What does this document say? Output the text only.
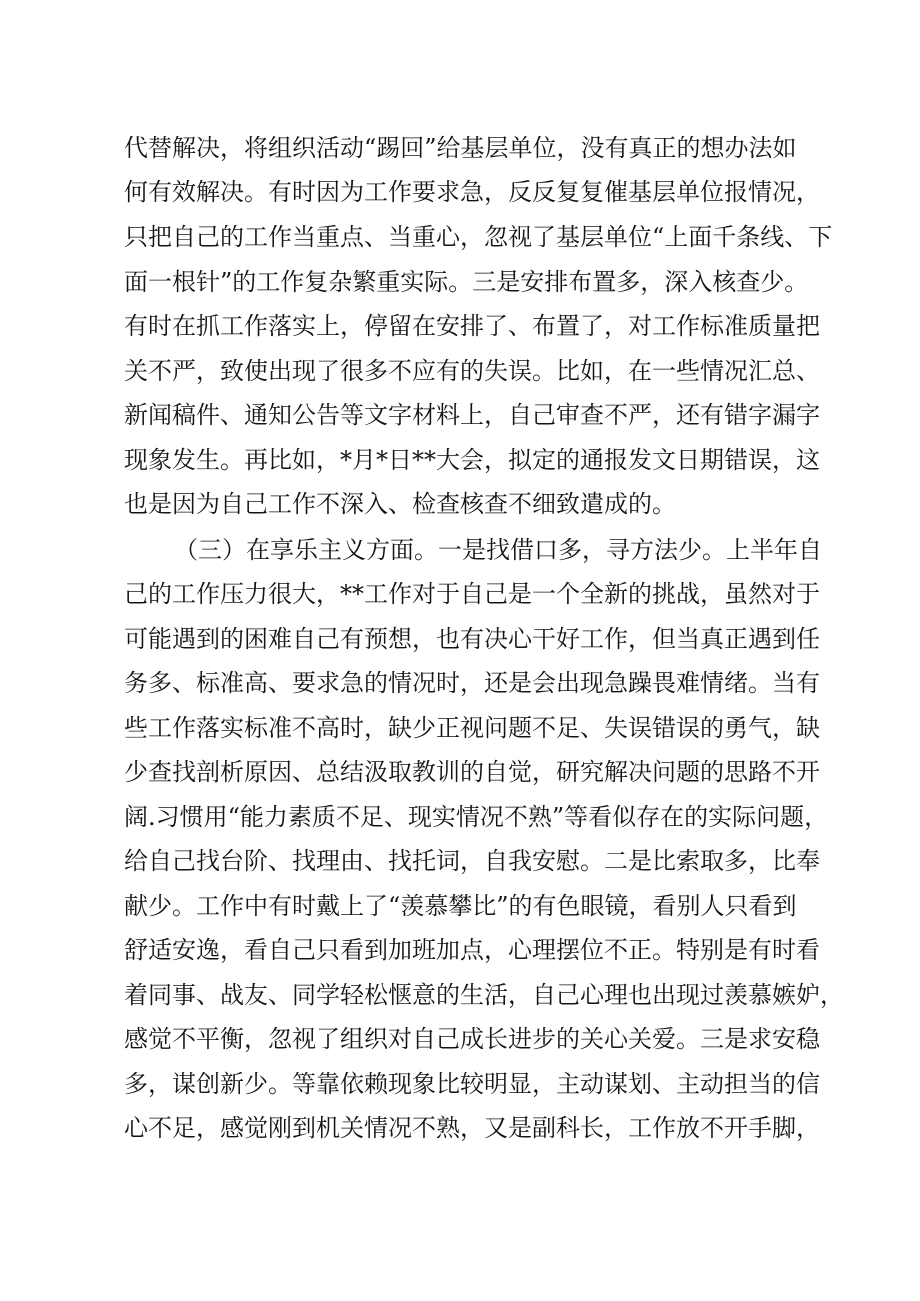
代替解决，将组织活动“踢回”给基层单位，没有真正的想办法如
何有效解决。有时因为工作要求急，反反复复催基层单位报情况，
只把自己的工作当重点、当重心，忽视了基层单位“上面千条线、下
面一根针”的工作复杂繁重实际。三是安排布置多，深入核查少。
有时在抓工作落实上，停留在安排了、布置了，对工作标准质量把
关不严，致使出现了很多不应有的失误。比如，在一些情况汇总、
新闻稿件、通知公告等文字材料上，自己审查不严，还有错字漏字
现象发生。再比如，*月*日**大会，拟定的通报发文日期错误，这
也是因为自己工作不深入、检查核查不细致遣成的。
（三）在享乐主义方面。一是找借口多，寻方法少。上半年自
己的工作压力很大，**工作对于自己是一个全新的挑战，虽然对于
可能遇到的困难自己有预想，也有决心干好工作，但当真正遇到任
务多、标准高、要求急的情况时，还是会出现急躁畏难情绪。当有
些工作落实标准不高时，缺少正视问题不足、失误错误的勇气，缺
少查找剖析原因、总结汲取教训的自觉，研究解决问题的思路不开
阔.习惯用“能力素质不足、现实情况不熟”等看似存在的实际问题，
给自己找台阶、找理由、找托词，自我安慰。二是比索取多，比奉
献少。工作中有时戴上了“羡慕攀比”的有色眼镜，看别人只看到
舒适安逸，看自己只看到加班加点，心理摆位不正。特别是有时看
着同事、战友、同学轻松惬意的生活，自己心理也出现过羡慕嫉妒，
感觉不平衡，忽视了组织对自己成长进步的关心关爱。三是求安稳
多，谋创新少。等靠依赖现象比较明显，主动谋划、主动担当的信
心不足，感觉刚到机关情况不熟，又是副科长，工作放不开手脚，
